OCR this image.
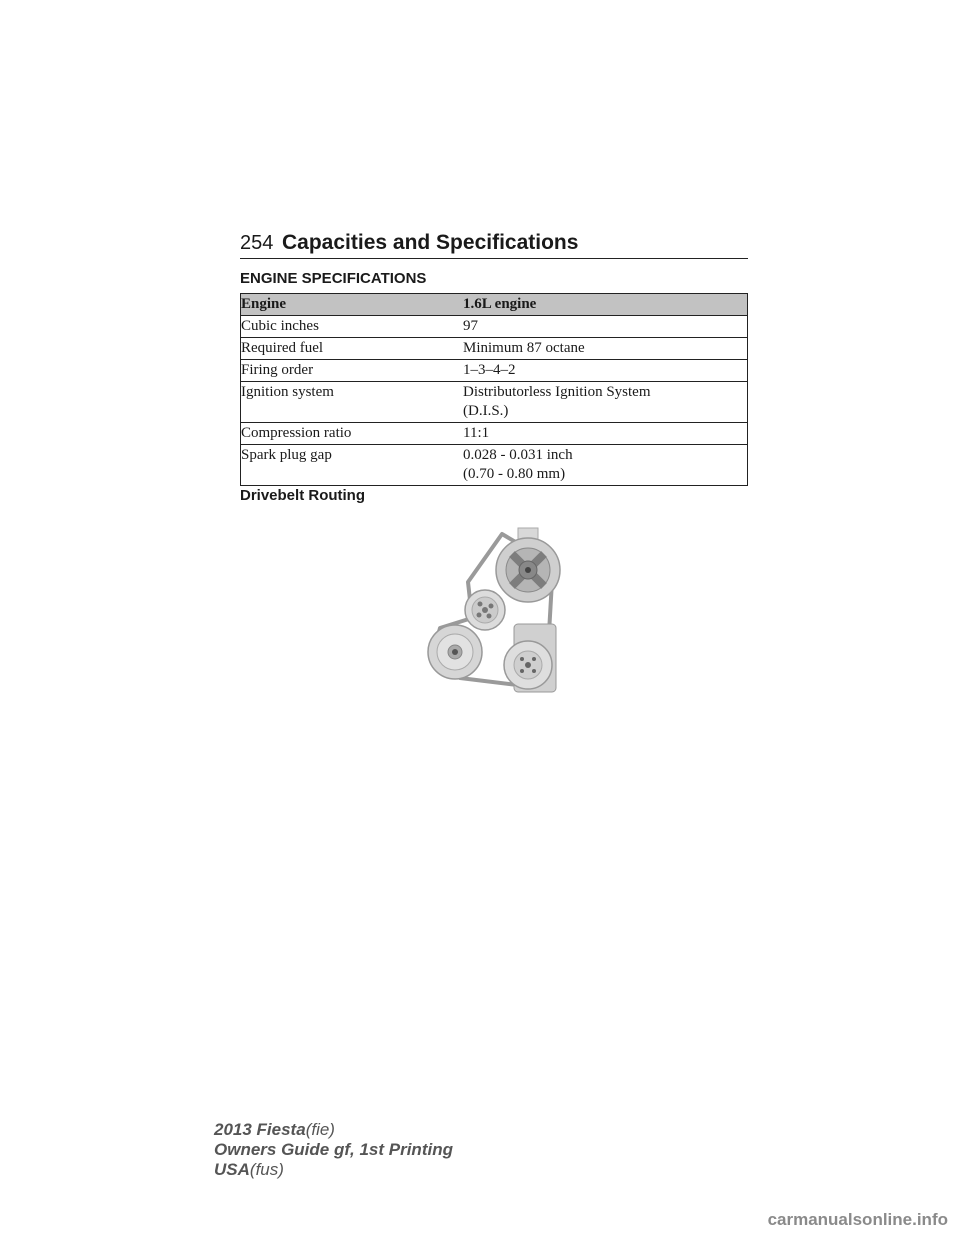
254 Capacities and Specifications
ENGINE SPECIFICATIONS
Engine	1.6L engine
Cubic inches	97

Required fuel	Minimum 87 octane

Firing order	1–3–4–2

Ignition system	Distributorless Ignition System
(D.I.S.)

Compression ratio	11:1

Spark plug gap	0.028 - 0.031 inch
(0.70 - 0.80 mm)
Drivebelt Routing
2013 Fiesta(fie)
Owners Guide gf, 1st Printing
USA(fus)
carmanualsonline.info
